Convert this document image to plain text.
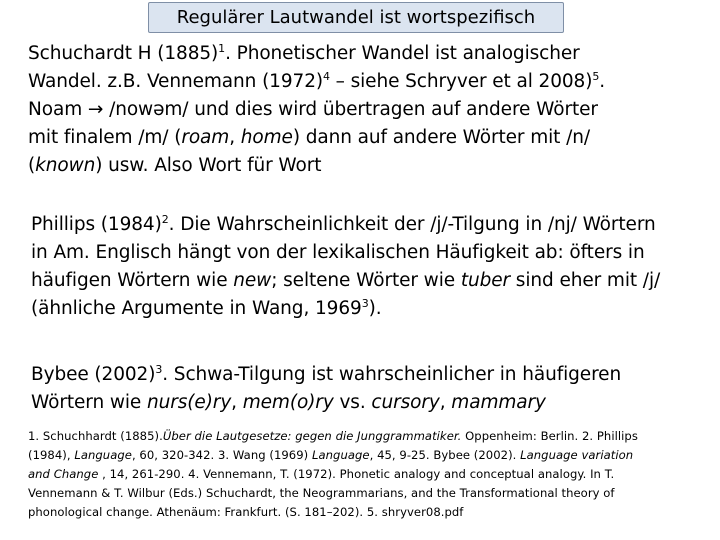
Regulärer Lautwandel ist wortspezifisch
Schuchardt H $(1885)^1$. Phonetischer Wandel ist analogischer
Wandel. z.B. Vennemann $(1972)^4$ – siehe Schryver et al 2008)$^5$.
Noam → /nowəm/ und dies wird übertragen auf andere Wörter
mit finalem /m/ (roam, home) dann auf andere Wörter mit /n/
(known) usw. Also Wort für Wort
Phillips $(1984)^2$. Die Wahrscheinlichkeit der /j/-Tilgung in /nj/ Wörtern
in Am. Englisch hängt von der lexikalischen Häufigkeit ab: öfters in
häufigen Wörtern wie new; seltene Wörter wie tuber sind eher mit /j/
(ähnliche Argumente in Wang, 1969$^3$).
Bybee $(2002)^3$. Schwa-Tilgung ist wahrscheinlicher in häufigeren
Wörtern wie nurs(e)ry, mem(o)ry vs. cursory, mammary
1. Schuchhardt (1885).Über die Lautgesetze: gegen die Junggrammatiker. Oppenheim: Berlin. 2. Phillips
(1984), Language, 60, 320-342. 3. Wang (1969) Language, 45, 9-25. Bybee (2002). Language variation
and Change , 14, 261-290. 4. Vennemann, T. (1972). Phonetic analogy and conceptual analogy. In T.
Vennemann & T. Wilbur (Eds.) Schuchardt, the Neogrammarians, and the Transformational theory of
phonological change. Athenäum: Frankfurt. (S. 181–202). 5. shryver08.pdf
